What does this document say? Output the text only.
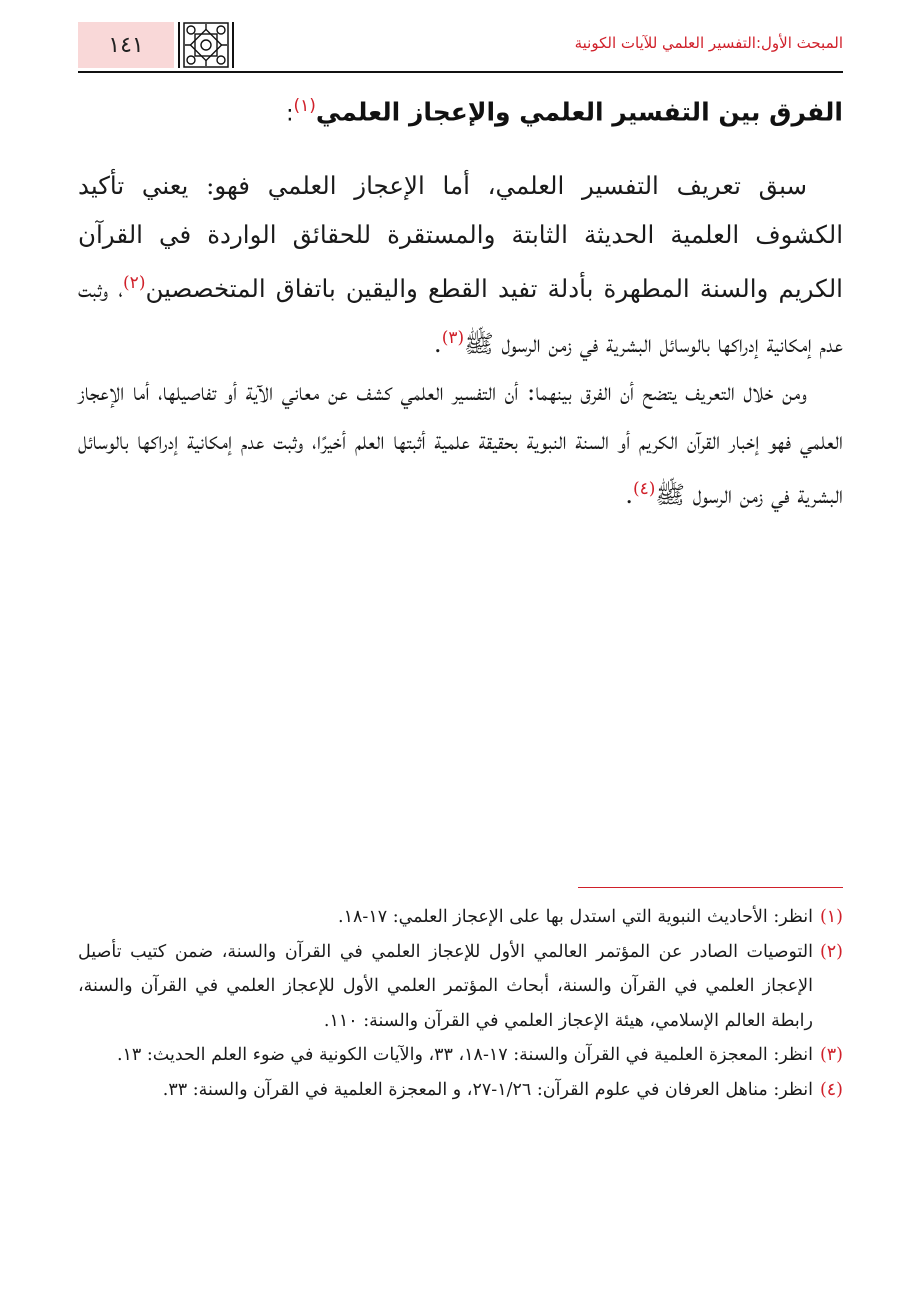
المبحث الأول:التفسير العلمي للآيات الكونية
١٤١
الفرق بين التفسير العلمي والإعجاز العلمي$^{(١)}$:

سبق تعريف التفسير العلمي، أما الإعجاز العلمي فهو: يعني تأكيد الكشوف العلمية الحديثة الثابتة والمستقرة للحقائق الواردة في القرآن الكريم والسنة المطهرة بأدلة تفيد القطع واليقين باتفاق المتخصصين$^{(٢)}$، وثبت عدم إمكانية إدراكها بالوسائل البشرية في زمن الرسول ﷺ$^{(٣)}$.

ومن خلال التعريف يتضح أن الفرق بينهما: أن التفسير العلمي كشف عن معاني الآية أو تفاصيلها، أما الإعجاز العلمي فهو إخبار القرآن الكريم أو السنة النبوية بحقيقة علمية أثبتها العلم أخيرًا، وثبت عدم إمكانية إدراكها بالوسائل البشرية في زمن الرسول ﷺ$^{(٤)}$.

(١)
انظر: الأحاديث النبوية التي استدل بها على الإعجاز العلمي: ١٧-١٨.
(٢)
التوصيات الصادر عن المؤتمر العالمي الأول للإعجاز العلمي في القرآن والسنة، ضمن كتيب تأصيل الإعجاز العلمي في القرآن والسنة، أبحاث المؤتمر العلمي الأول للإعجاز العلمي في القرآن والسنة، رابطة العالم الإسلامي، هيئة الإعجاز العلمي في القرآن والسنة: ١١٠.
(٣)
انظر: المعجزة العلمية في القرآن والسنة: ١٧-١٨، ٣٣، والآيات الكونية في ضوء العلم الحديث: ١٣.
(٤)
انظر: مناهل العرفان في علوم القرآن: ١/٢٦-٢٧، و المعجزة العلمية في القرآن والسنة: ٣٣.
